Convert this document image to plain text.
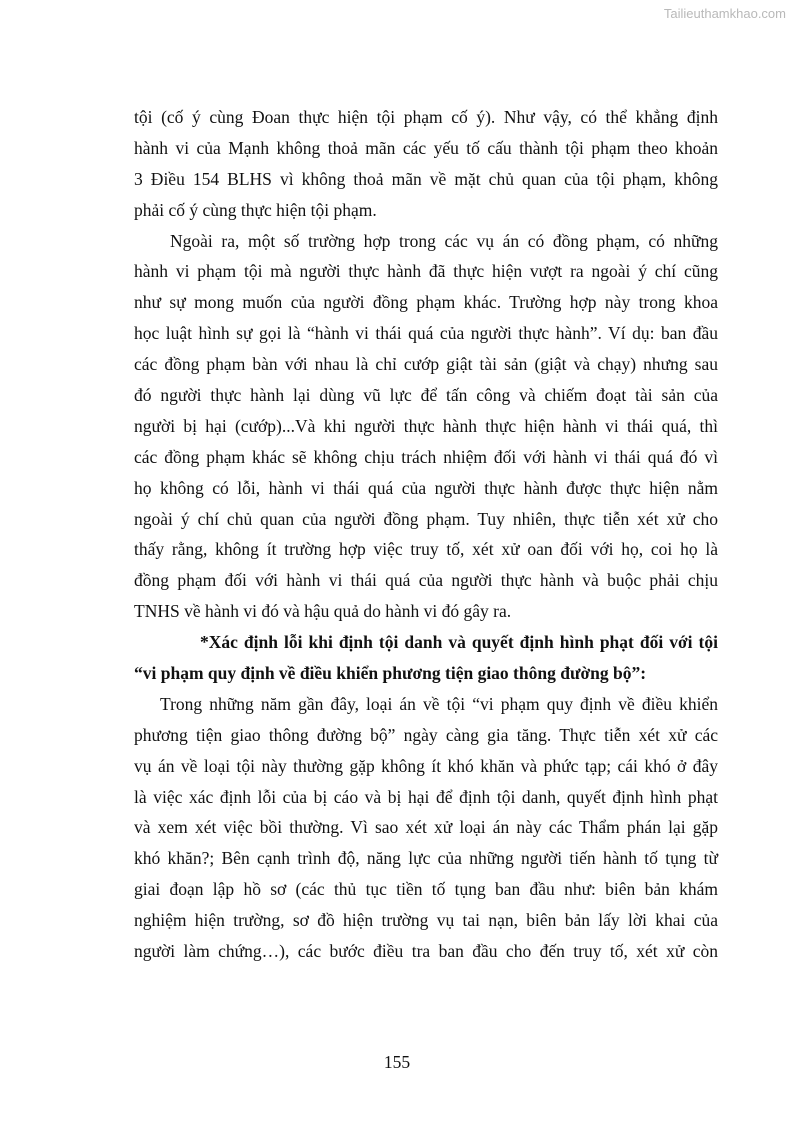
Tailieuthamkhao.com
tội (cố ý cùng Đoan thực hiện tội phạm cố ý). Như vậy, có thể khẳng định
hành vi của Mạnh không thoả mãn các yếu tố cấu thành tội phạm theo khoản
3 Điều 154 BLHS vì không thoả mãn về mặt chủ quan của tội phạm, không
phải cố ý cùng thực hiện tội phạm.
Ngoài ra, một số trường hợp trong các vụ án có đồng phạm, có những
hành vi phạm tội mà người thực hành đã thực hiện vượt ra ngoài ý chí cũng
như sự mong muốn của người đồng phạm khác. Trường hợp này trong khoa
học luật hình sự gọi là “hành vi thái quá của người thực hành”. Ví dụ: ban đầu
các đồng phạm bàn với nhau là chỉ cướp giật tài sản (giật và chạy) nhưng sau
đó người thực hành lại dùng vũ lực để tấn công và chiếm đoạt tài sản của
người bị hại (cướp)...Và khi người thực hành thực hiện hành vi thái quá, thì
các đồng phạm khác sẽ không chịu trách nhiệm đối với hành vi thái quá đó vì
họ không có lỗi, hành vi thái quá của người thực hành được thực hiện nằm
ngoài ý chí chủ quan của người đồng phạm. Tuy nhiên, thực tiễn xét xử cho
thấy rằng, không ít trường hợp việc truy tố, xét xử oan đối với họ, coi họ là
đồng phạm đối với hành vi thái quá của người thực hành và buộc phải chịu
TNHS về hành vi đó và hậu quả do hành vi đó gây ra.
*Xác định lỗi khi định tội danh và quyết định hình phạt đối với tội
“vi phạm quy định về điều khiển phương tiện giao thông đường bộ”:
Trong những năm gần đây, loại án về tội “vi phạm quy định về điều khiển
phương tiện giao thông đường bộ” ngày càng gia tăng. Thực tiễn xét xử các
vụ án về loại tội này thường gặp không ít khó khăn và phức tạp; cái khó ở đây
là việc xác định lỗi của bị cáo và bị hại để định tội danh, quyết định hình phạt
và xem xét việc bồi thường. Vì sao xét xử loại án này các Thẩm phán lại gặp
khó khăn?; Bên cạnh trình độ, năng lực của những người tiến hành tố tụng từ
giai đoạn lập hồ sơ (các thủ tục tiền tố tụng ban đầu như: biên bản khám
nghiệm hiện trường, sơ đồ hiện trường vụ tai nạn, biên bản lấy lời khai của
người làm chứng…), các bước điều tra ban đầu cho đến truy tố, xét xử còn
155
